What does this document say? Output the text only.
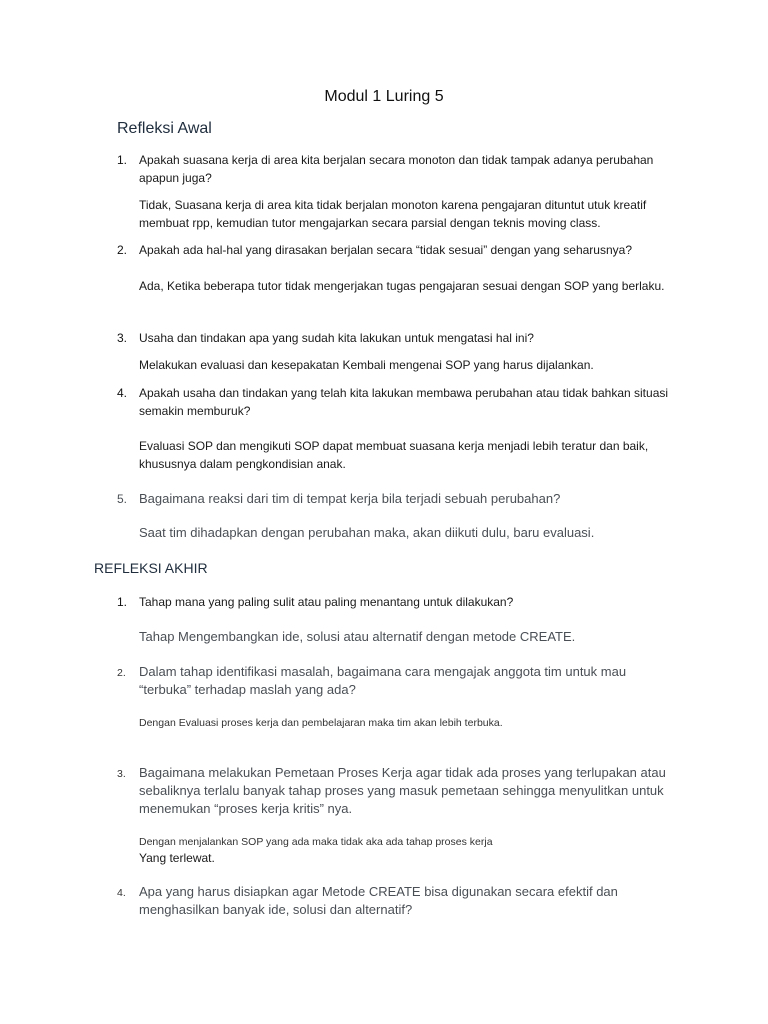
Modul 1 Luring 5

Refleksi Awal

1. Apakah suasana kerja di area kita berjalan secara monoton dan tidak tampak adanya perubahan apapun juga?

Tidak, Suasana kerja di area kita tidak berjalan monoton karena pengajaran dituntut utuk kreatif membuat rpp, kemudian tutor mengajarkan secara parsial dengan teknis moving class.

2. Apakah ada hal-hal yang dirasakan berjalan secara “tidak sesuai” dengan yang seharusnya?

Ada, Ketika beberapa tutor tidak mengerjakan tugas pengajaran sesuai dengan SOP yang berlaku.

3. Usaha dan tindakan apa yang sudah kita lakukan untuk mengatasi hal ini?

Melakukan evaluasi dan kesepakatan Kembali mengenai SOP yang harus dijalankan.

4. Apakah usaha dan tindakan yang telah kita lakukan membawa perubahan atau tidak bahkan situasi semakin memburuk?

Evaluasi SOP dan mengikuti SOP dapat membuat suasana kerja menjadi lebih teratur dan baik, khususnya dalam pengkondisian anak.

5. Bagaimana reaksi dari tim di tempat kerja bila terjadi sebuah perubahan?

Saat tim dihadapkan dengan perubahan maka, akan diikuti dulu, baru evaluasi.

REFLEKSI AKHIR

1. Tahap mana yang paling sulit atau paling menantang untuk dilakukan?

Tahap Mengembangkan ide, solusi atau alternatif dengan metode CREATE.

2. Dalam tahap identifikasi masalah, bagaimana cara mengajak anggota tim untuk mau “terbuka” terhadap maslah yang ada?

Dengan Evaluasi proses kerja dan pembelajaran maka tim akan lebih terbuka.

3. Bagaimana melakukan Pemetaan Proses Kerja agar tidak ada proses yang terlupakan atau sebaliknya terlalu banyak tahap proses yang masuk pemetaan sehingga menyulitkan untuk menemukan “proses kerja kritis” nya.

Dengan menjalankan SOP yang ada maka tidak aka ada tahap proses kerja

Yang terlewat.

4. Apa yang harus disiapkan agar Metode CREATE bisa digunakan secara efektif dan menghasilkan banyak ide, solusi dan alternatif?
